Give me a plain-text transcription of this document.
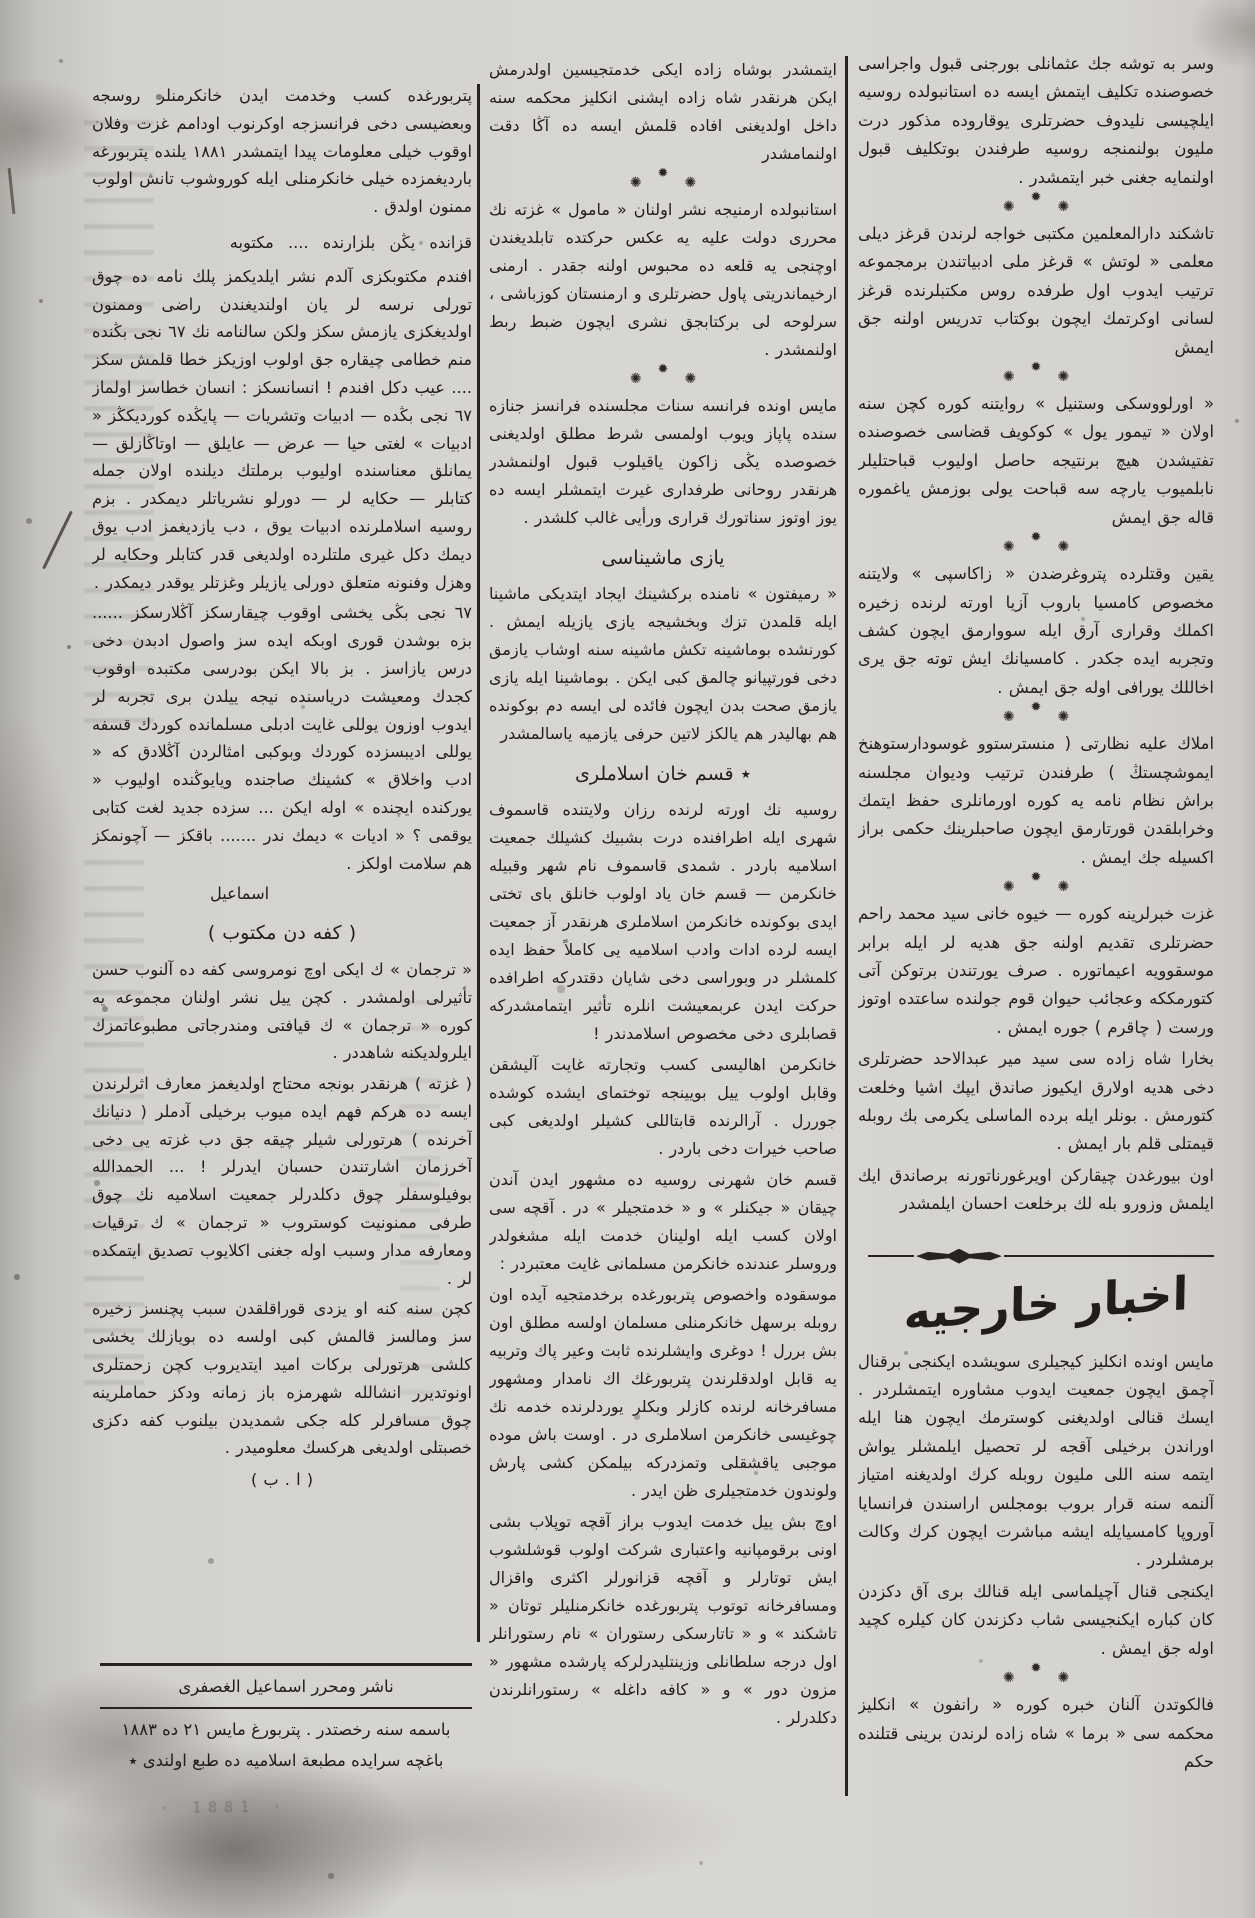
پتربورغده كسب وخدمت ايدن خانكرمنلر روسجه وبعضيسى دخى فرانسزجه اوكرنوب اودامم غزت وفلان اوقوب خيلى معلومات پيدا ايتمشدر ١٨٨١ يلنده پتربورغه بارديغمزده خيلى خانكرمنلى ايله كوروشوب تانش اولوب ممنون اولدق .

قزانده يڭن بلزارنده .... مكتوبه

افندم مكتوبكزى آلدم نشر ايلديكمز پلك نامه ده چوق تورلى نرسه لر يان اولنديغندن راضى وممنون اولديغكزى يازمش سكز ولكن سالنامه نك ٦٧ نجى بڭنده منم خطامى چيقاره جق اولوب اوزيكز خطا قلمش سكز .... عيب دكل افندم ! انسانسكز : انسان خطاسز اولماز ٦٧ نجى بڭده — ادبيات وتشريات — پايڭده كورديكڭز « ادبيات » لغتى حيا — عرض — عايلق — اوتاڭازلق — يمانلق معناسنده اوليوب برملتك ديلنده اولان جمله كتابلر — حكايه لر — دورلو نشرياتلر ديمكدر . بزم روسيه اسلاملرنده ادبيات يوق ، دب يازديغمز ادب يوق ديمك دكل غيرى ملتلرده اولديغى قدر كتابلر وحكايه لر وهزل وفنونه متعلق دورلى يازيلر وغزتلر يوقدر ديمكدر .

٦٧ نجى بڭى يخشى اوقوب چيقارسكز آڭلارسكز ...... بزه بوشدن قورى اوبكه ايده سز واصول ادبدن دخى درس يازاسز . بز بالا ايكن بودرسى مكتبده اوقوب كجدك ومعيشت درياسنده نيجه ييلدن برى تجربه لر ايدوب اوزون يوللى غايت ادبلى مسلمانده كوردك قسفه يوللى اديبسزده كوردك وبوكبى امثالردن آڭلادق كه « ادب واخلاق » كشينك صاجنده ويايوڭنده اوليوب « يوركنده ايچنده » اوله ايكن ... سزده جديد لغت كتابى يوقمى ؟ « اديات » ديمك ندر ....... باقكز — آچونمكز هم سلامت اولكز .

اسماعيل

( كفه دن مكتوب )

« ترجمان » ك ايكى اوچ نومروسى كفه ده آلنوب حسن تأثيرلى اولمشدر . كچن ييل نشر اولنان مجموعه يه كوره « ترجمان » ك قيافتى ومندرجاتى مطبوعاتمزك ايلرولديكنه شاهددر .

( غزته ) هرنقدر بونجه محتاج اولديغمز معارف اثرلرندن ايسه ده هركم فهم ايده ميوب برخيلى آدملر ( دنيانك آخرنده ) هرتورلى شيلر چيقه جق دب غزته يى دخى آخرزمان اشارتندن حسبان ايدرلر ! ... الحمدالله بوفيلوسفلر چوق دكلدرلر جمعيت اسلاميه نك چوق طرفى ممنونيت كوستروب « ترجمان » ك ترقيات ومعارفه مدار وسبب اوله جغنى اكلايوب تصديق ايتمكده لر .

كچن سنه كنه او يزدى قوراقلقدن سبب پچنسز زخيره سز ومالسز قالمش كبى اولسه ده بويازلك يخشى كلشى هرتورلى بركات اميد ايتديروب كچن زحمتلرى اونوتديرر انشالله شهرمزه باز زمانه ودكز حماملرينه چوق مسافرلر كله جكى شمديدن بيلنوب كفه دكزى خصبتلى اولديغى هركسك معلوميدر .

( ا . ب )

ايتمشدر بوشاه زاده ايكى خدمتجيسين اولدرمش ايكن هرنقدر شاه زاده ايشنى انكليز محكمه سنه داخل اولديغنى افاده قلمش ايسه ده آڭا دقت اولنمامشدر

✺
✹
✺

استانبولده ارمنيجه نشر اولنان « مامول » غزته نك محررى دولت عليه يه عكس حركتده تابلديغندن اوچنجى يه قلعه ده محبوس اولنه جقدر . ارمنى ارخيماندريتى پاول حضرتلرى و ارمنستان كوزباشى ، سرلوحه لى بركتابجق نشرى ايچون ضبط ربط اولنمشدر .

✺
✹
✺

مايس اونده فرانسه سنات مجلسنده فرانسز جنازه سنده پاپاز ويوب اولمسى شرط مطلق اولديغنى خصوصده يڭى زاكون ياقيلوب قبول اولنمشدر هرنقدر روحانى طرفدارى غيرت ايتمشلر ايسه ده يوز اوتوز سناتورك قرارى ورأيى غالب كلشدر .

يازى ماشيناسى

« رميفتون » نامنده بركشينك ايجاد ايتديكى ماشينا ايله قلمدن تزك وبخشيجه يازى يازيله ايمش . كورنشده بوماشينه تكش ماشينه سنه اوشاب يازمق دخى فورتپيانو چالمق كبى ايكن . بوماشينا ايله يازى يازمق صحت بدن ايچون فائده لى ايسه دم بوكونده هم بهاليدر هم يالكز لاتين حرفى يازميه ياسالمشدر

٭ قسم خان اسلاملرى

روسيه نك اورته لرنده رزان ولايتنده قاسموف شهرى ايله اطرافنده درت بشبيك كشيلك جمعيت اسلاميه باردر . شمدى قاسموف نام شهر وقبيله خانكرمن — قسم خان ياد اولوب خانلق باى تختى ايدى بوكونده خانكرمن اسلاملرى هرنقدر آز جمعيت ايسه لرده ادات وادب اسلاميه يى كاملاً حفظ ايده كلمشلر در وبوراسى دخى شايان دقتدركه اطرافده حركت ايدن عربمعيشت انلره تأثير ايتمامشدركه قصابلرى دخى مخصوص اسلامدندر !

خانكرمن اهاليسى كسب وتجارته غايت آليشقن وقابل اولوب ييل بويينجه توختماى ايشده كوشده جوررل . آرالرنده قابتاللى كشيلر اولديغى كبى صاحب خيرات دخى باردر .

قسم خان شهرنى روسيه ده مشهور ايدن آندن چيقان « جيكنلر » و « خدمتجيلر » در . آقچه سى اولان كسب ايله اولينان خدمت ايله مشغولدر وروسلر عندنده خانكرمن مسلمانى غايت معتبردر :

موسقوده واخصوص پتربورغده برخدمتجيه آيده اون روبله برسهل خانكرمنلى مسلمان اولسه مطلق اون بش بررل ! دوغرى وايشلرنده ثابت وعير پاك وتربيه يه قابل اولدقلرندن پتربورغك اك نامدار ومشهور مسافرخانه لرنده كازلر وبكلر يوردلرنده خدمه نك چوغيسى خانكرمن اسلاملرى در . اوست باش موده موجبى ياقشقلى وتمزدركه بيلمكن كشى پارش ولوندون خدمتجيلرى ظن ايدر .

اوچ بش ييل خدمت ايدوب براز آقچه توپلاب بشى اونى برقومپانيه واعتبارى شركت اولوب قوشلشوب ايش توتارلر و آقچه قزانورلر اكثرى واقزال ومسافرخانه توتوب پتربورغده خانكرمنليلر توتان « تاشكند » و « تاتارسكى رستوران » نام رستورانلر اول درجه سلطانلى وزينتليدرلركه پارشده مشهور « مزون دور » و « كافه داغله » رستورانلرندن دكلدرلر .

وسر به توشه جك عثمانلى بورجنى قبول واجراسى خصوصنده تكليف ايتمش ايسه ده استانبولده روسيه ايلچيسى نليدوف حضرتلرى يوقاروده مذكور درت مليون بولنمنجه روسيه طرفندن بوتكليف قبول اولنمايه جغنى خبر ايتمشدر .

✺
✹
✺

تاشكند دارالمعلمين مكتبى خواجه لرندن قرغز ديلى معلمى « لوتش » قرغز ملى ادبياتندن برمجموعه ترتيب ايدوب اول طرفده روس مكتبلرنده قرغز لسانى اوكرتمك ايچون بوكتاب تدريس اولنه جق ايمش

✺
✹
✺

« اورلووسكى وستنيل » روايتنه كوره كچن سنه اولان « تيمور يول » كوكويف قضاسى خصوصنده تفتيشدن هيچ برنتيجه حاصل اوليوب قباحتليلر نابلميوب يارچه سه قباحت يولى بوزمش ياغموره قاله جق ايمش

✺
✹
✺

يقين وقتلرده پتروغرضدن « زاكاسپى » ولايتنه مخصوص كامسيا باروب آزيا اورته لرنده زخيره اكملك وقرارى آرق ايله سووارمق ايچون كشف وتجربه ايده جكدر . كامسيانك ايش توته جق يرى اخاللك يورافى اوله جق ايمش .

✺
✹
✺

املاك عليه نظارتى ( منسترستوو غوسودارستوهنخ ايموشچستڭ ) طرفندن ترتيب وديوان مجلسنه براش نظام نامه يه كوره اورمانلرى حفظ ايتمك وخرابلقدن قورتارمق ايچون صاحبلرينك حكمى براز اكسيله جك ايمش .

✺
✹
✺

غزت خبرلرينه كوره — خيوه خانى سيد محمد راحم حضرتلرى تقديم اولنه جق هديه لر ايله برابر موسقوويه اعيماتوره . صرف يورتندن برتوكن آتى كتورمككه وعجائب حيوان قوم جولنده ساعتده اوتوز ورست ( چاقرم ) جوره ايمش .

بخارا شاه زاده سى سيد مير عبدالاحد حضرتلرى دخى هديه اولارق ايكيوز صاندق ايپك اشيا وخلعت كتورمش . بونلر ايله برده الماسلى يكرمى بك روبله قيمتلى قلم بار ايمش .

اون بيورغدن چيقاركن اويرغورناتورنه برصاندق ايك ايلمش وزورو بله لك برخلعت احسان ايلمشدر

اخبار خارجيه

مايس اونده انكليز كيجيلرى سويشده ايكنجى برقنال آچمق ايچون جمعيت ايدوب مشاوره ايتمشلردر . ايسك قنالى اولديغنى كوسترمك ايچون هنا ايله اوراندن برخيلى آقجه لر تحصيل ايلمشلر يواش ايتمه سنه اللى مليون روبله كرك اولديغنه امتياز آلنمه سنه قرار بروب بومجلس اراسندن فرانسايا آوروپا كامسيايله ايشه مباشرت ايچون كرك وكالت برمشلردر .

ايكنجى قنال آچيلماسى ايله قنالك برى آق دكزدن كان كباره ايكنجيسى شاب دكزندن كان كيلره كچيد اوله جق ايمش .

✺
✹
✺

فالكوتدن آلنان خبره كوره « رانفون » انكليز محكمه سى « برما » شاه زاده لرندن برينى قتلنده حكم

ناشر ومحرر اسماعيل الغصفرى

باسمه سنه رخصتدر . پتربورغ مايس ٢١ ده ١٨٨٣

باغچه سرايده مطبعة اسلاميه ده طبع اولندى ٭

· 1881 ·
